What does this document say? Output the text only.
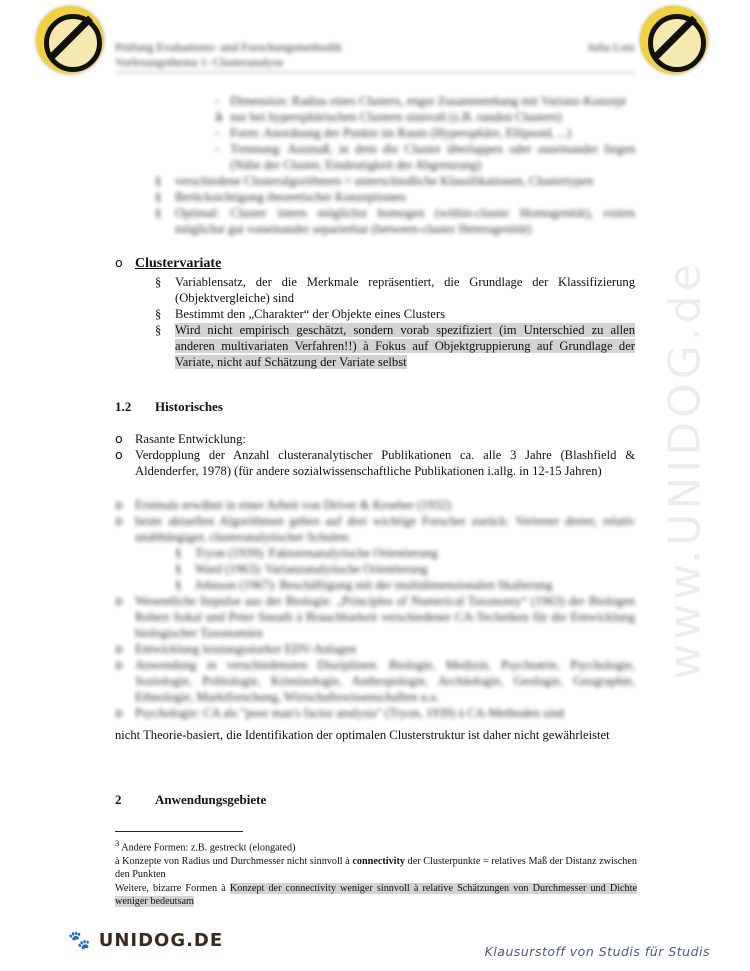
Prüfung Evaluations- und Forschungsmethodik
Vorlesungsthema 1: Clusteranalyse
Julia Lotz
www.UNIDOG.de
- Dimension: Radius eines Clusters, enger Zusammenhang mit Varianz-Konzept
à nur bei hypersphärischen Clustern sinnvoll (z.B. runden Clustern)
- Form: Anordnung der Punkte im Raum (Hypersphäre, Ellipsoid, ...)
- Trennung: Ausmaß, in dem die Cluster überlappen oder auseinander liegen (Nähe der Cluster, Eindeutigkeit der Abgrenzung)
§ verschiedene Clusteralgorithmen = unterschiedliche Klassifikationen, Clustertypen
§ Berücksichtigung theoretischer Konzeptionen
§ Optimal: Cluster intern möglichst homogen (within-cluster Homogenität), extern möglichst gut voneinander separierbar (between-cluster Heterogenität)
o Clustervariate
§ Variablensatz, der die Merkmale repräsentiert, die Grundlage der Klassifizierung (Objektvergleiche) sind
§ Bestimmt den „Charakter“ der Objekte eines Clusters
§ Wird nicht empirisch geschätzt, sondern vorab spezifiziert (im Unterschied zu allen anderen multivariaten Verfahren!!) à Fokus auf Objektgruppierung auf Grundlage der Variate, nicht auf Schätzung der Variate selbst
1.2 Historisches
o Rasante Entwicklung:
o Verdopplung der Anzahl clusteranalytischer Publikationen ca. alle 3 Jahre (Blashfield & Aldenderfer, 1978) (für andere sozialwissenschaftliche Publikationen i.allg. in 12-15 Jahren)
o Erstmals erwähnt in einer Arbeit von Driver & Kroeber (1932)
o heute aktuellen Algorithmen gehen auf drei wichtige Forscher zurück: Vertreter dreier, relativ unabhängiger, clusteranalytischer Schulen:
§ Tryon (1939): Faktorenanalytische Orientierung
§ Ward (1963): Varianzanalytische Orientierung
§ Johnson (1967): Beschäftigung mit der multidimensionalen Skalierung
o Wesentliche Impulse aus der Biologie: „Principles of Numerical Taxonomy“ (1963) der Biologen Robert Sokal und Peter Sneath à Brauchbarkeit verschiedener CA-Techniken für die Entwicklung biologischer Taxonomien
o Entwicklung leistungsstarker EDV-Anlagen
o Anwendung in verschiedensten Disziplinen: Biologie, Medizin, Psychiatrie, Psychologie, Soziologie, Politologie, Kriminologie, Anthropologie, Archäologie, Geologie, Geographie, Ethnologie, Marktforschung, Wirtschaftswissenschaften u.a.
o Psychologie: CA als "poor man's factor analysis" (Tryon, 1939) à CA-Methoden sind
nicht Theorie-basiert, die Identifikation der optimalen Clusterstruktur ist daher nicht gewährleistet
2	Anwendungsgebiete
$^3$ Andere Formen: z.B. gestreckt (elongated)
à Konzepte von Radius und Durchmesser nicht sinnvoll à connectivity der Clusterpunkte = relatives Maß der Distanz zwischen den Punkten
Weitere, bizarre Formen à Konzept der connectivity weniger sinnvoll à relative Schätzungen von Durchmesser und Dichte weniger bedeutsam
🐾 UNIDOG.DE
Klausurstoff von Studis für Studis
